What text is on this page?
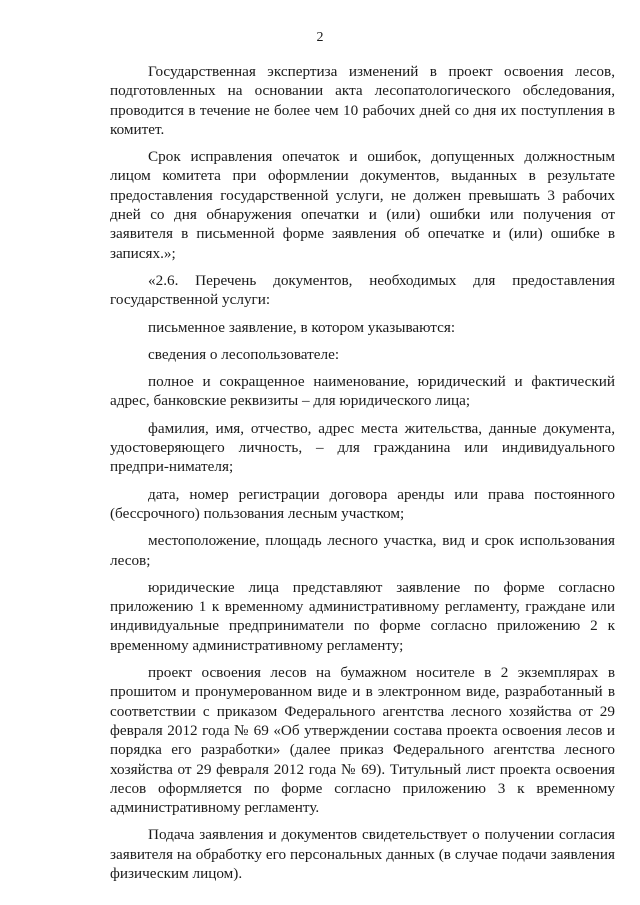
2

Государственная экспертиза изменений в проект освоения лесов, подготовленных на основании акта лесопатологического обследования, проводится в течение не более чем 10 рабочих дней со дня их поступления в комитет.

Срок исправления опечаток и ошибок, допущенных должностным лицом комитета при оформлении документов, выданных в результате предоставления государственной услуги, не должен превышать 3 рабочих дней со дня обнаружения опечатки и (или) ошибки или получения от заявителя в письменной форме заявления об опечатке и (или) ошибке в записях.»;

«2.6. Перечень документов, необходимых для предоставления государственной услуги:

письменное заявление, в котором указываются:

сведения о лесопользователе:

полное и сокращенное наименование, юридический и фактический адрес, банковские реквизиты – для юридического лица;

фамилия, имя, отчество, адрес места жительства, данные документа, удостоверяющего личность, – для гражданина или индивидуального предпри-нимателя;

дата, номер регистрации договора аренды или права постоянного (бессрочного) пользования лесным участком;

местоположение, площадь лесного участка, вид и срок использования лесов;

юридические лица представляют заявление по форме согласно приложению 1 к временному административному регламенту, граждане или индивидуальные предприниматели по форме согласно приложению 2 к временному административному регламенту;

проект освоения лесов на бумажном носителе в 2 экземплярах в прошитом и пронумерованном виде и в электронном виде, разработанный в соответствии с приказом Федерального агентства лесного хозяйства от 29 февраля 2012 года № 69 «Об утверждении состава проекта освоения лесов и порядка его разработки» (далее приказ Федерального агентства лесного хозяйства от 29 февраля 2012 года № 69). Титульный лист проекта освоения лесов оформляется по форме согласно приложению 3 к временному административному регламенту.

Подача заявления и документов свидетельствует о получении согласия заявителя на обработку его персональных данных (в случае подачи заявления физическим лицом).
